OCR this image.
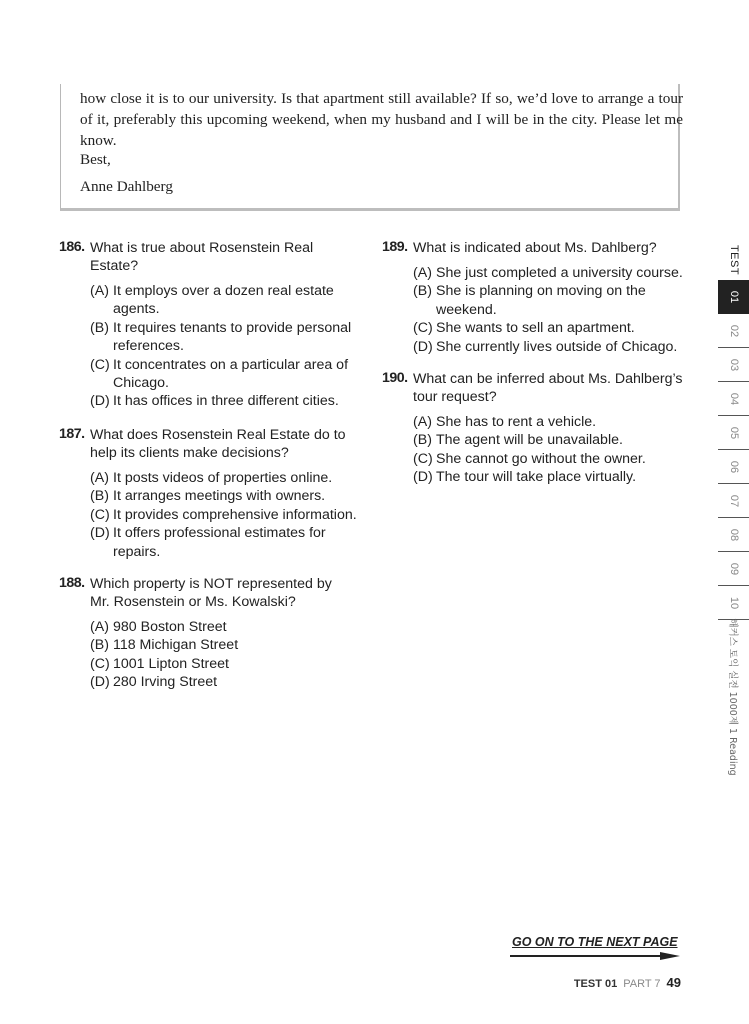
how close it is to our university. Is that apartment still available? If so, we’d love to arrange a tour of it, preferably this upcoming weekend, when my husband and I will be in the city. Please let me know.

Best,
Anne Dahlberg
186. What is true about Rosenstein Real Estate?
(A) It employs over a dozen real estate agents.
(B) It requires tenants to provide personal references.
(C) It concentrates on a particular area of Chicago.
(D) It has offices in three different cities.
187. What does Rosenstein Real Estate do to help its clients make decisions?
(A) It posts videos of properties online.
(B) It arranges meetings with owners.
(C) It provides comprehensive information.
(D) It offers professional estimates for repairs.
188. Which property is NOT represented by Mr. Rosenstein or Ms. Kowalski?
(A) 980 Boston Street
(B) 118 Michigan Street
(C) 1001 Lipton Street
(D) 280 Irving Street
189. What is indicated about Ms. Dahlberg?
(A) She just completed a university course.
(B) She is planning on moving on the weekend.
(C) She wants to sell an apartment.
(D) She currently lives outside of Chicago.
190. What can be inferred about Ms. Dahlberg’s tour request?
(A) She has to rent a vehicle.
(B) The agent will be unavailable.
(C) She cannot go without the owner.
(D) The tour will take place virtually.
TEST
01
02
03
04
05
06
07
08
09
10
해커스 토익 실전 1000제 1 Reading
GO ON TO THE NEXT PAGE
TEST 01 PART 7 49
